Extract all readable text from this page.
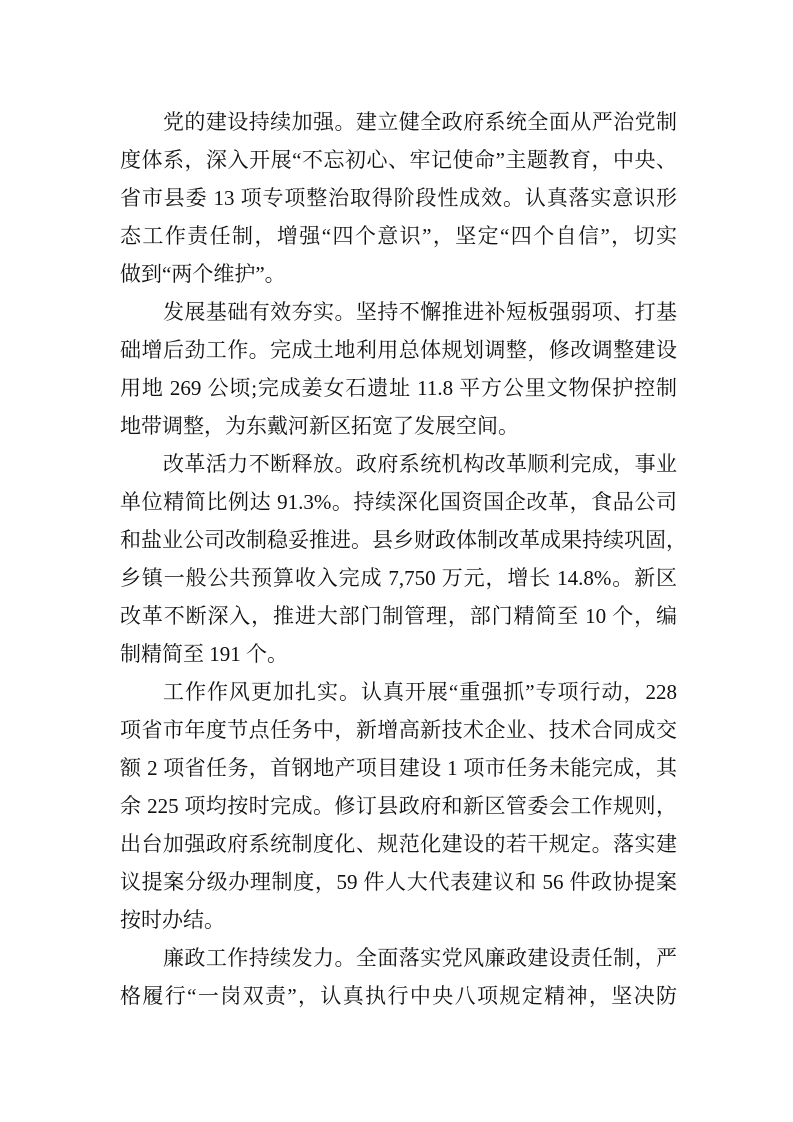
党的建设持续加强。建立健全政府系统全面从严治党制
度体系，深入开展“不忘初心、牢记使命”主题教育，中央、
省市县委 13 项专项整治取得阶段性成效。认真落实意识形
态工作责任制，增强“四个意识”，坚定“四个自信”，切实
做到“两个维护”。
发展基础有效夯实。坚持不懈推进补短板强弱项、打基
础增后劲工作。完成土地利用总体规划调整，修改调整建设
用地 269 公顷;完成姜女石遗址 11.8 平方公里文物保护控制
地带调整，为东戴河新区拓宽了发展空间。
改革活力不断释放。政府系统机构改革顺利完成，事业
单位精简比例达 91.3%。持续深化国资国企改革，食品公司
和盐业公司改制稳妥推进。县乡财政体制改革成果持续巩固，
乡镇一般公共预算收入完成 7,750 万元，增长 14.8%。新区
改革不断深入，推进大部门制管理，部门精简至 10 个，编
制精简至 191 个。
工作作风更加扎实。认真开展“重强抓”专项行动，228
项省市年度节点任务中，新增高新技术企业、技术合同成交
额 2 项省任务，首钢地产项目建设 1 项市任务未能完成，其
余 225 项均按时完成。修订县政府和新区管委会工作规则，
出台加强政府系统制度化、规范化建设的若干规定。落实建
议提案分级办理制度，59 件人大代表建议和 56 件政协提案
按时办结。
廉政工作持续发力。全面落实党风廉政建设责任制，严
格履行“一岗双责”，认真执行中央八项规定精神，坚决防
